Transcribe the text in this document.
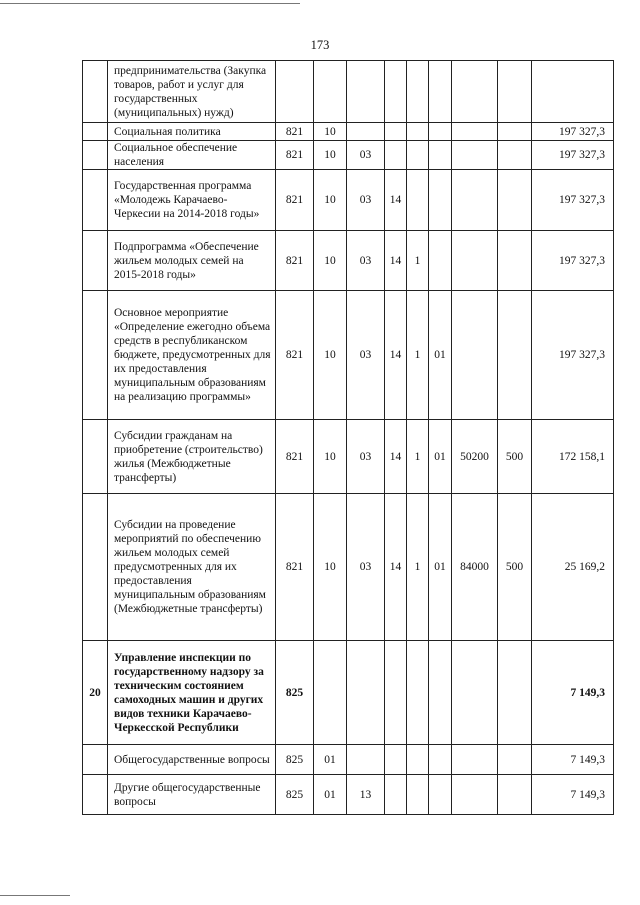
173
	предпринимательства (Закупка товаров, работ и услуг для государственных (муниципальных) нужд)									
	Социальная политика	821	10							197 327,3
	Социальное обеспечение населения	821	10	03						197 327,3
	Государственная программа «Молодежь Карачаево-Черкесии на 2014-2018 годы»	821	10	03	14					197 327,3
	Подпрограмма «Обеспечение жильем молодых семей на 2015-2018 годы»	821	10	03	14	1				197 327,3
	Основное мероприятие «Определение ежегодно объема средств в республиканском бюджете, предусмотренных для их предоставления муниципальным образованиям на реализацию программы»	821	10	03	14	1	01			197 327,3
	Субсидии гражданам на приобретение (строительство) жилья (Межбюджетные трансферты)	821	10	03	14	1	01	50200	500	172 158,1
	Субсидии на проведение мероприятий по обеспечению жильем молодых семей предусмотренных для их предоставления муниципальным образованиям (Межбюджетные трансферты)	821	10	03	14	1	01	84000	500	25 169,2
20	Управление инспекции по государственному надзору за техническим состоянием самоходных машин и других видов техники Карачаево-Черкесской Республики	825								7 149,3
	Общегосударственные вопросы	825	01							7 149,3
	Другие общегосударственные вопросы	825	01	13						7 149,3
